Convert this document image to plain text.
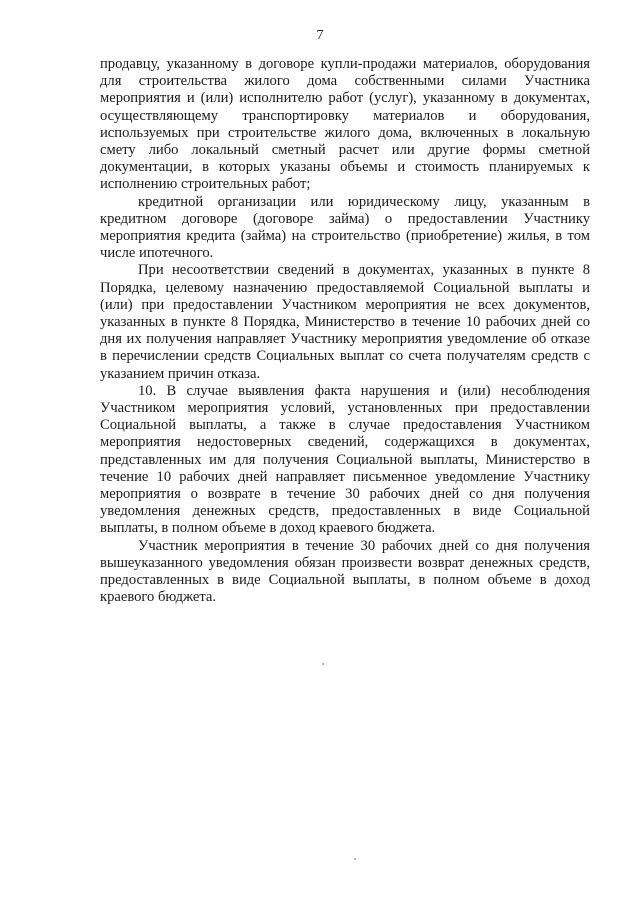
7

продавцу, указанному в договоре купли-продажи материалов, оборудования для строительства жилого дома собственными силами Участника мероприятия и (или) исполнителю работ (услуг), указанному в документах, осуществляющему транспортировку материалов и оборудования, используемых при строительстве жилого дома, включенных в локальную смету либо локальный сметный расчет или другие формы сметной документации, в которых указаны объемы и стоимость планируемых к исполнению строительных работ;

кредитной организации или юридическому лицу, указанным в кредитном договоре (договоре займа) о предоставлении Участнику мероприятия кредита (займа) на строительство (приобретение) жилья, в том числе ипотечного.

При несоответствии сведений в документах, указанных в пункте 8 Порядка, целевому назначению предоставляемой Социальной выплаты и (или) при предоставлении Участником мероприятия не всех документов, указанных в пункте 8 Порядка, Министерство в течение 10 рабочих дней со дня их получения направляет Участнику мероприятия уведомление об отказе в перечислении средств Социальных выплат со счета получателям средств с указанием причин отказа.

10. В случае выявления факта нарушения и (или) несоблюдения Участником мероприятия условий, установленных при предоставлении Социальной выплаты, а также в случае предоставления Участником мероприятия недостоверных сведений, содержащихся в документах, представленных им для получения Социальной выплаты, Министерство в течение 10 рабочих дней направляет письменное уведомление Участнику мероприятия о возврате в течение 30 рабочих дней со дня получения уведомления денежных средств, предоставленных в виде Социальной выплаты, в полном объеме в доход краевого бюджета.

Участник мероприятия в течение 30 рабочих дней со дня получения вышеуказанного уведомления обязан произвести возврат денежных средств, предоставленных в виде Социальной выплаты, в полном объеме в доход краевого бюджета.
